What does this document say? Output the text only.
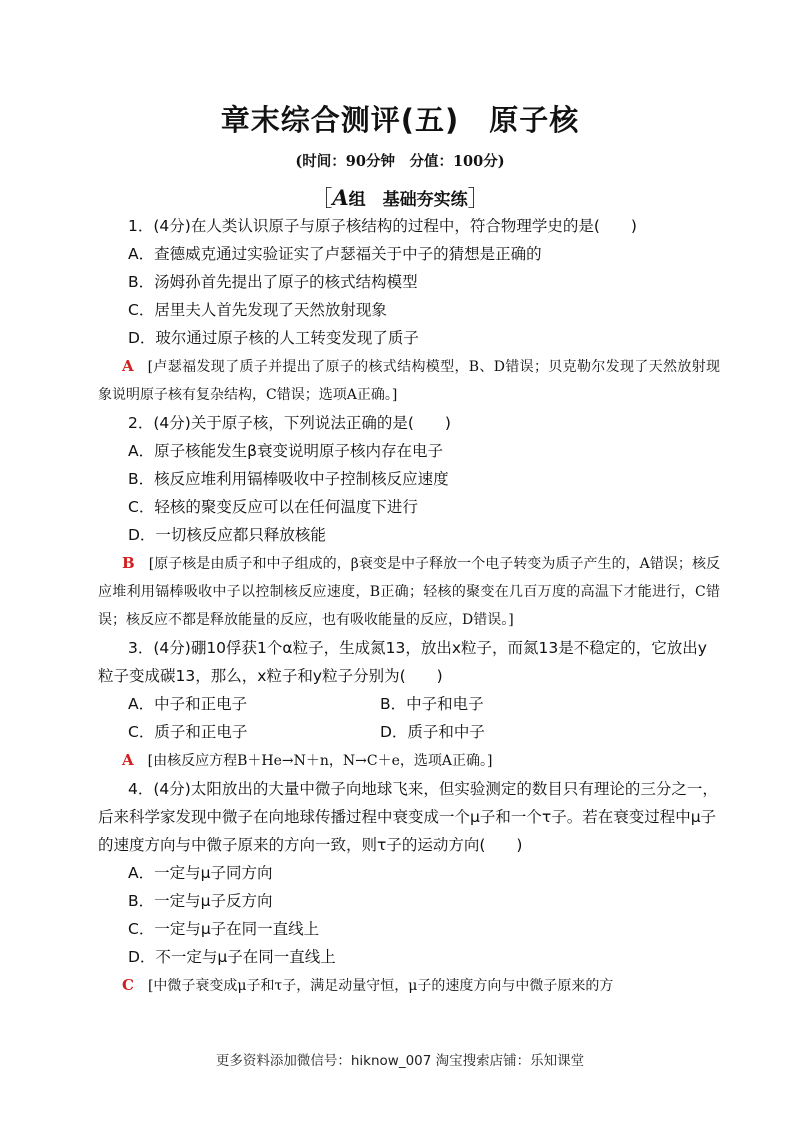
章末综合测评(五) 原子核
(时间：90分钟　分值：100分)
［A组　基础夯实练］

1．(4分)在人类认识原子与原子核结构的过程中，符合物理学史的是(　　)

A．查德威克通过实验证实了卢瑟福关于中子的猜想是正确的

B．汤姆孙首先提出了原子的核式结构模型

C．居里夫人首先发现了天然放射现象

D．玻尔通过原子核的人工转变发现了质子

A [卢瑟福发现了质子并提出了原子的核式结构模型，B、D错误；贝克勒尔发现了天然放射现象说明原子核有复杂结构，C错误；选项A正确。]

2．(4分)关于原子核，下列说法正确的是(　　)

A．原子核能发生β衰变说明原子核内存在电子

B．核反应堆利用镉棒吸收中子控制核反应速度

C．轻核的聚变反应可以在任何温度下进行

D．一切核反应都只释放核能

B [原子核是由质子和中子组成的，β衰变是中子释放一个电子转变为质子产生的，A错误；核反应堆利用镉棒吸收中子以控制核反应速度，B正确；轻核的聚变在几百万度的高温下才能进行，C错误；核反应不都是释放能量的反应，也有吸收能量的反应，D错误。]

3．(4分)硼10俘获1个α粒子，生成氮13，放出x粒子，而氮13是不稳定的，它放出y粒子变成碳13，那么，x粒子和y粒子分别为(　　)

A．中子和正电子	B．中子和电子
C．质子和正电子	D．质子和中子

A [由核反应方程B＋He→N＋n，N→C＋e，选项A正确。]

4．(4分)太阳放出的大量中微子向地球飞来，但实验测定的数目只有理论的三分之一，后来科学家发现中微子在向地球传播过程中衰变成一个μ子和一个τ子。若在衰变过程中μ子的速度方向与中微子原来的方向一致，则τ子的运动方向(　　)

A．一定与μ子同方向

B．一定与μ子反方向

C．一定与μ子在同一直线上

D．不一定与μ子在同一直线上

C [中微子衰变成μ子和τ子，满足动量守恒，μ子的速度方向与中微子原来的方

更多资料添加微信号：hiknow_007 淘宝搜索店铺：乐知课堂
